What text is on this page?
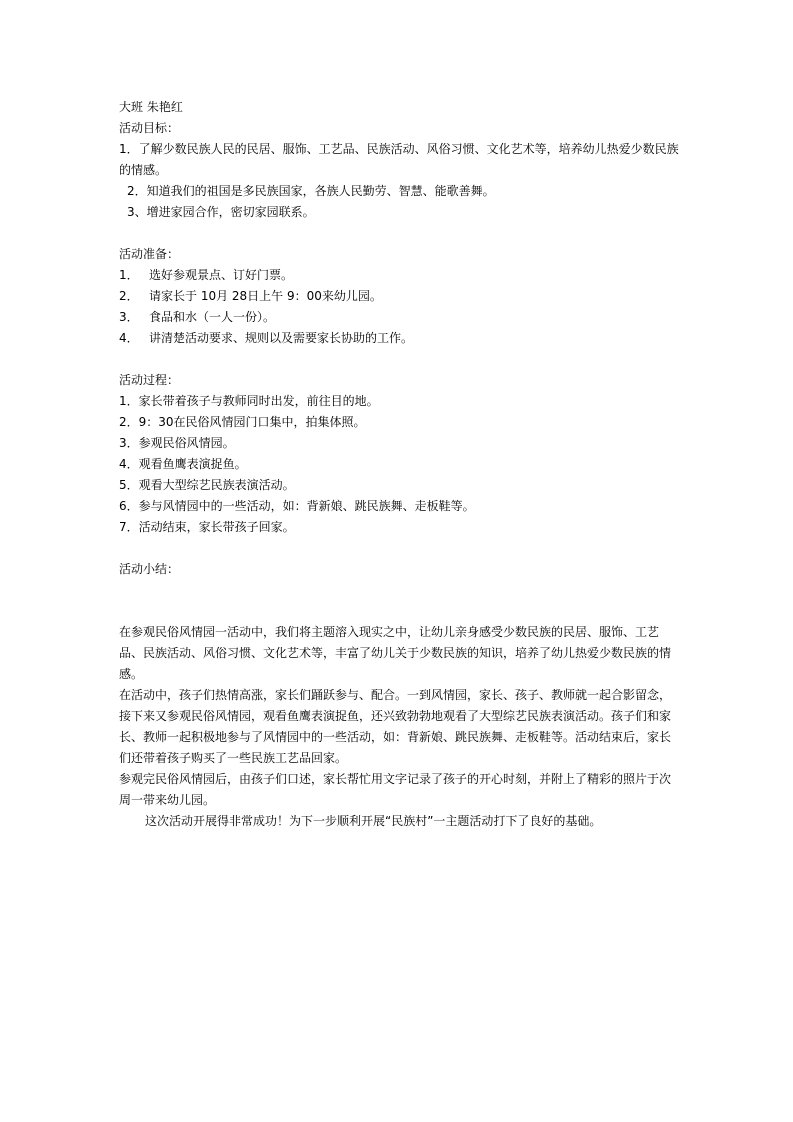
大班 朱艳红
活动目标：
1．了解少数民族人民的民居、服饰、工艺品、民族活动、风俗习惯、文化艺术等，培养幼儿热爱少数民族的情感。
2．知道我们的祖国是多民族国家，各族人民勤劳、智慧、能歌善舞。
3、增进家园合作，密切家园联系。
活动准备：
1． 选好参观景点、订好门票。
2． 请家长于 10月 28日上午 9：00来幼儿园。
3． 食品和水（一人一份）。
4． 讲清楚活动要求、规则以及需要家长协助的工作。
活动过程：
1．家长带着孩子与教师同时出发，前往目的地。
2．9：30在民俗风情园门口集中，拍集体照。
3．参观民俗风情园。
4．观看鱼鹰表演捉鱼。
5．观看大型综艺民族表演活动。
6．参与风情园中的一些活动，如：背新娘、跳民族舞、走板鞋等。
7．活动结束，家长带孩子回家。
活动小结：
在参观民俗风情园一活动中，我们将主题溶入现实之中，让幼儿亲身感受少数民族的民居、服饰、工艺品、民族活动、风俗习惯、文化艺术等，丰富了幼儿关于少数民族的知识，培养了幼儿热爱少数民族的情感。
在活动中，孩子们热情高涨，家长们踊跃参与、配合。一到风情园，家长、孩子、教师就一起合影留念，接下来又参观民俗风情园，观看鱼鹰表演捉鱼，还兴致勃勃地观看了大型综艺民族表演活动。孩子们和家长、教师一起积极地参与了风情园中的一些活动，如：背新娘、跳民族舞、走板鞋等。活动结束后，家长们还带着孩子购买了一些民族工艺品回家。
参观完民俗风情园后，由孩子们口述，家长帮忙用文字记录了孩子的开心时刻，并附上了精彩的照片于次周一带来幼儿园。
这次活动开展得非常成功！为下一步顺利开展“民族村”一主题活动打下了良好的基础。
